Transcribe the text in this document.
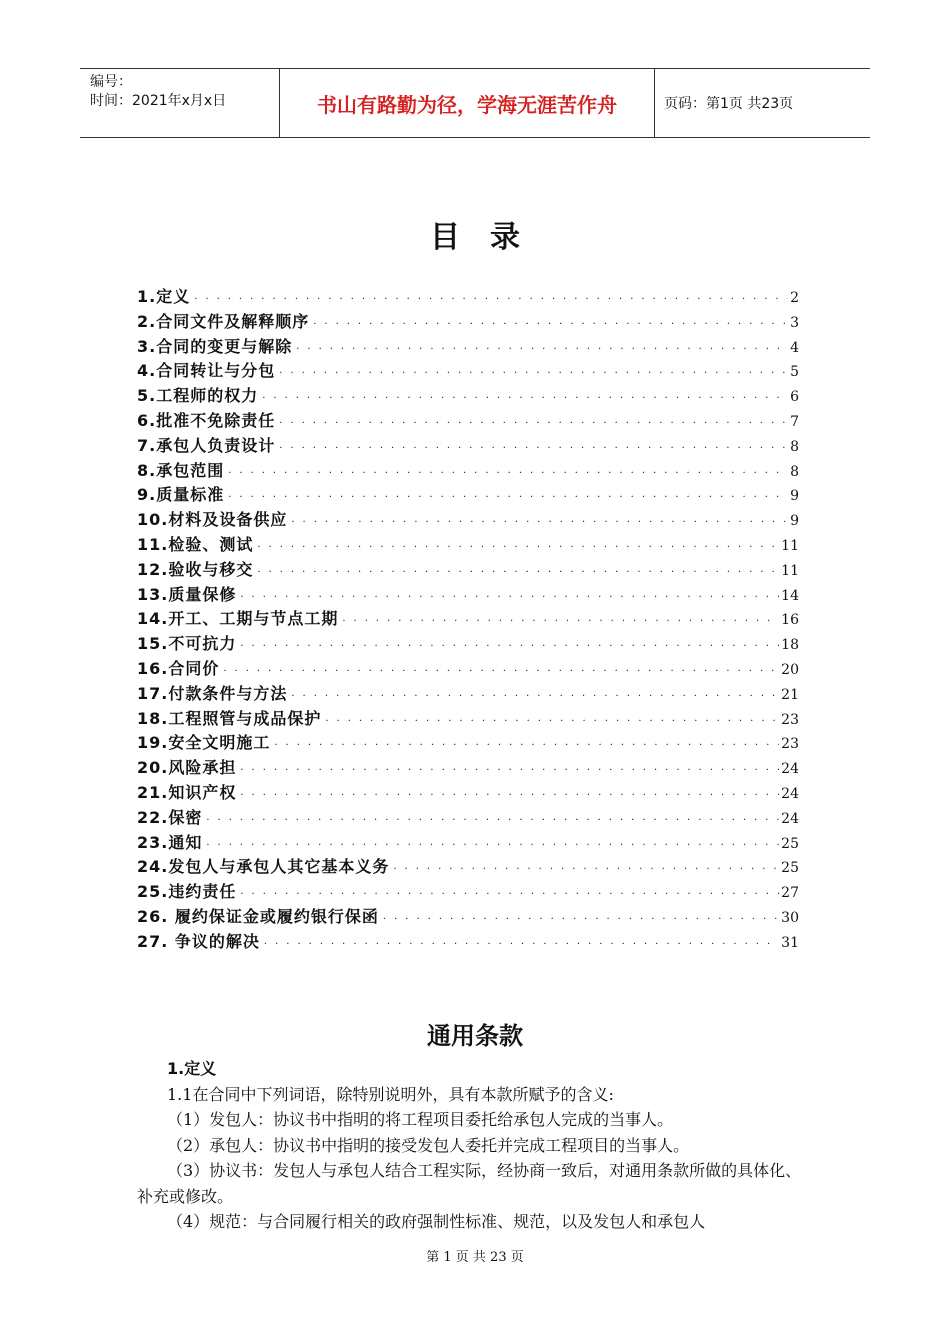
编号：
时间：2021年x月x日	书山有路勤为径，学海无涯苦作舟	页码：第1页 共23页
目录
1.定义 ·····	2
2.合同文件及解释顺序 ·····	3
3.合同的变更与解除 ·····	4
4.合同转让与分包 ·····	5
5.工程师的权力 ·····	6
6.批准不免除责任 ·····	7
7.承包人负责设计 ·····	8
8.承包范围 ·····	8
9.质量标准 ·····	9
10.材料及设备供应 ·····	9
11.检验、测试 ·····	11
12.验收与移交 ·····	11
13.质量保修 ·····	14
14.开工、工期与节点工期 ·····	16
15.不可抗力 ·····	18
16.合同价 ·····	20
17.付款条件与方法 ·····	21
18.工程照管与成品保护 ·····	23
19.安全文明施工 ·····	23
20.风险承担 ·····	24
21.知识产权 ·····	24
22.保密 ·····	24
23.通知 ·····	25
24.发包人与承包人其它基本义务 ·····	25
25.违约责任 ·····	27
26. 履约保证金或履约银行保函 ·····	30
27. 争议的解决 ·····	31
通用条款

1.定义

1.1在合同中下列词语，除特别说明外，具有本款所赋予的含义:

（1）发包人：协议书中指明的将工程项目委托给承包人完成的当事人。

（2）承包人：协议书中指明的接受发包人委托并完成工程项目的当事人。

（3）协议书：发包人与承包人结合工程实际，经协商一致后，对通用条款所做的具体化、补充或修改。

（4）规范：与合同履行相关的政府强制性标准、规范，以及发包人和承包人

第 1 页 共 23 页
